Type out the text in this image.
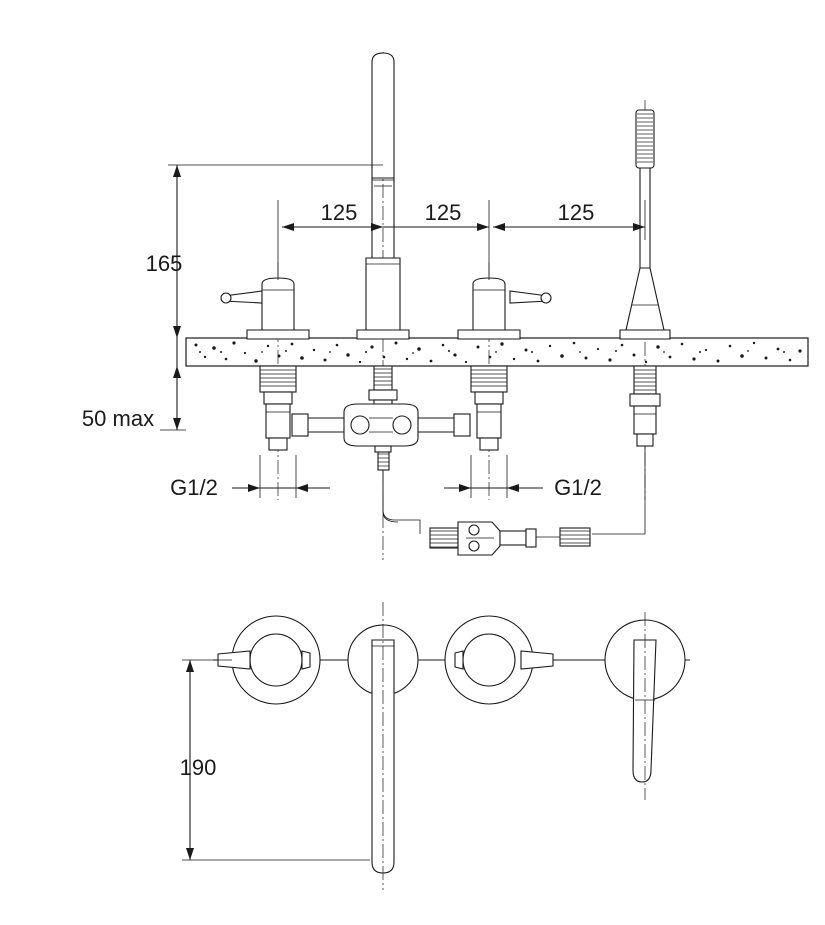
165
50 max
125	125	125
G1/2	G1/2
190
